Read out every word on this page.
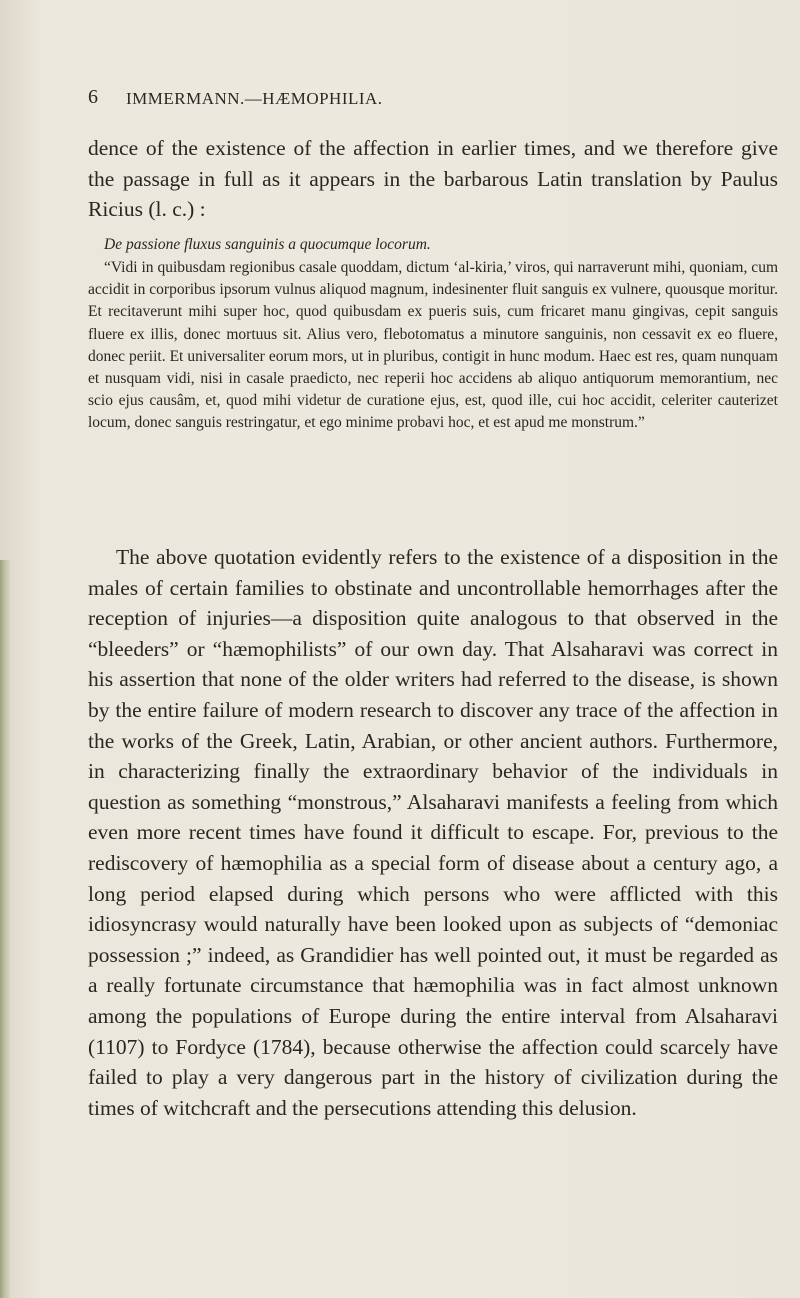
6 IMMERMANN.—HÆMOPHILIA.

dence of the existence of the affection in earlier times, and we therefore give the passage in full as it appears in the barbarous Latin translation by Paulus Ricius (l. c.) :

De passione fluxus sanguinis a quocumque locorum.

“Vidi in quibusdam regionibus casale quoddam, dictum ‘al-kiria,’ viros, qui narraverunt mihi, quoniam, cum accidit in corporibus ipsorum vulnus aliquod magnum, indesinenter fluit sanguis ex vulnere, quousque moritur. Et recitaverunt mihi super hoc, quod quibusdam ex pueris suis, cum fricaret manu gingivas, cepit sanguis fluere ex illis, donec mortuus sit. Alius vero, flebotomatus a minutore sanguinis, non cessavit ex eo fluere, donec periit. Et universaliter eorum mors, ut in pluribus, contigit in hunc modum. Haec est res, quam nunquam et nusquam vidi, nisi in casale praedicto, nec reperii hoc accidens ab aliquo antiquorum memorantium, nec scio ejus causâm, et, quod mihi videtur de curatione ejus, est, quod ille, cui hoc accidit, celeriter cauterizet locum, donec sanguis restringatur, et ego minime probavi hoc, et est apud me monstrum.”

The above quotation evidently refers to the existence of a disposition in the males of certain families to obstinate and uncontrollable hemorrhages after the reception of injuries—a disposition quite analogous to that observed in the “bleeders” or “hæmophilists” of our own day. That Alsaharavi was correct in his assertion that none of the older writers had referred to the disease, is shown by the entire failure of modern research to discover any trace of the affection in the works of the Greek, Latin, Arabian, or other ancient authors. Furthermore, in characterizing finally the extraordinary behavior of the individuals in question as something “monstrous,” Alsaharavi manifests a feeling from which even more recent times have found it difficult to escape. For, previous to the rediscovery of hæmophilia as a special form of disease about a century ago, a long period elapsed during which persons who were afflicted with this idiosyncrasy would naturally have been looked upon as subjects of “demoniac possession ;” indeed, as Grandidier has well pointed out, it must be regarded as a really fortunate circumstance that hæmophilia was in fact almost unknown among the populations of Europe during the entire interval from Alsaharavi (1107) to Fordyce (1784), because otherwise the affection could scarcely have failed to play a very dangerous part in the history of civilization during the times of witchcraft and the persecutions attending this delusion.
